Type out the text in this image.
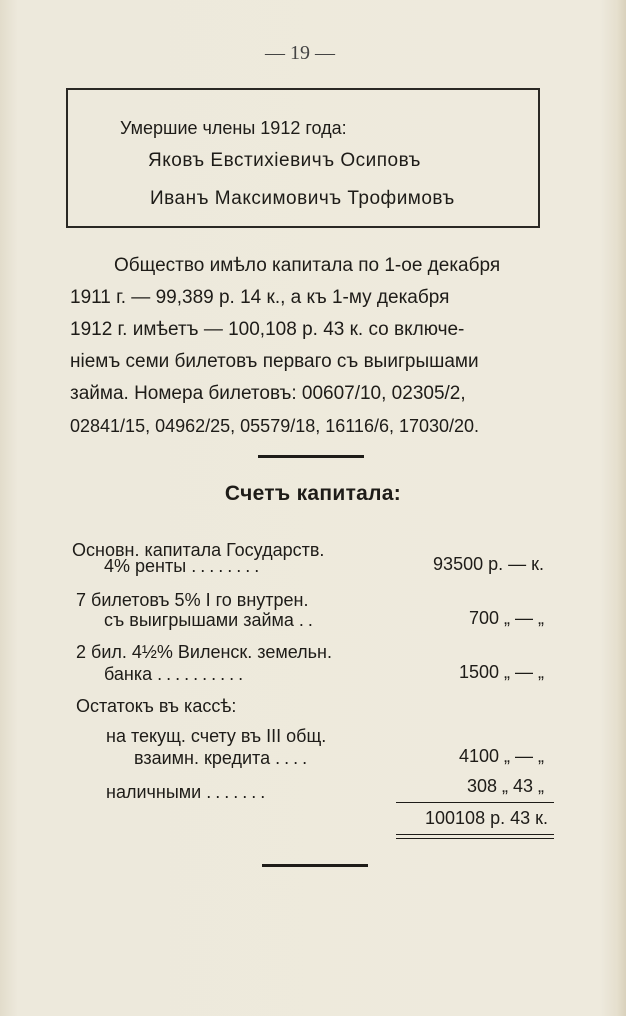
— 19 —
Умершие члены 1912 года:
Яковъ Евстиxіевичъ Осиповъ
Иванъ Максимовичъ Трофимовъ
Общество имѣло капитала по 1-ое декабря
1911 г. — 99,389 р. 14 к., а къ 1-му декабря
1912 г. имѣетъ — 100,108 р. 43 к. со включе-
ніемъ семи билетовъ перваго съ выигрышами
займа. Номера билетовъ: 00607/10, 02305/2,
02841/15, 04962/25, 05579/18, 16116/6, 17030/20.
Счетъ капитала:
Основн. капитала Государств.
4% ренты ........	93500 р. — к.
7 билетовъ 5% I го внутрен.
съ выигрышами займа ..	700 „ — „
2 бил. 4½% Виленск. земельн.
банка ..........	1500 „ — „
Остатокъ въ кассѣ:
на текущ. счету въ III общ.
взаимн. кредита ....	4100 „ — „
наличными .......	308 „ 43 „
100108 р. 43 к.
